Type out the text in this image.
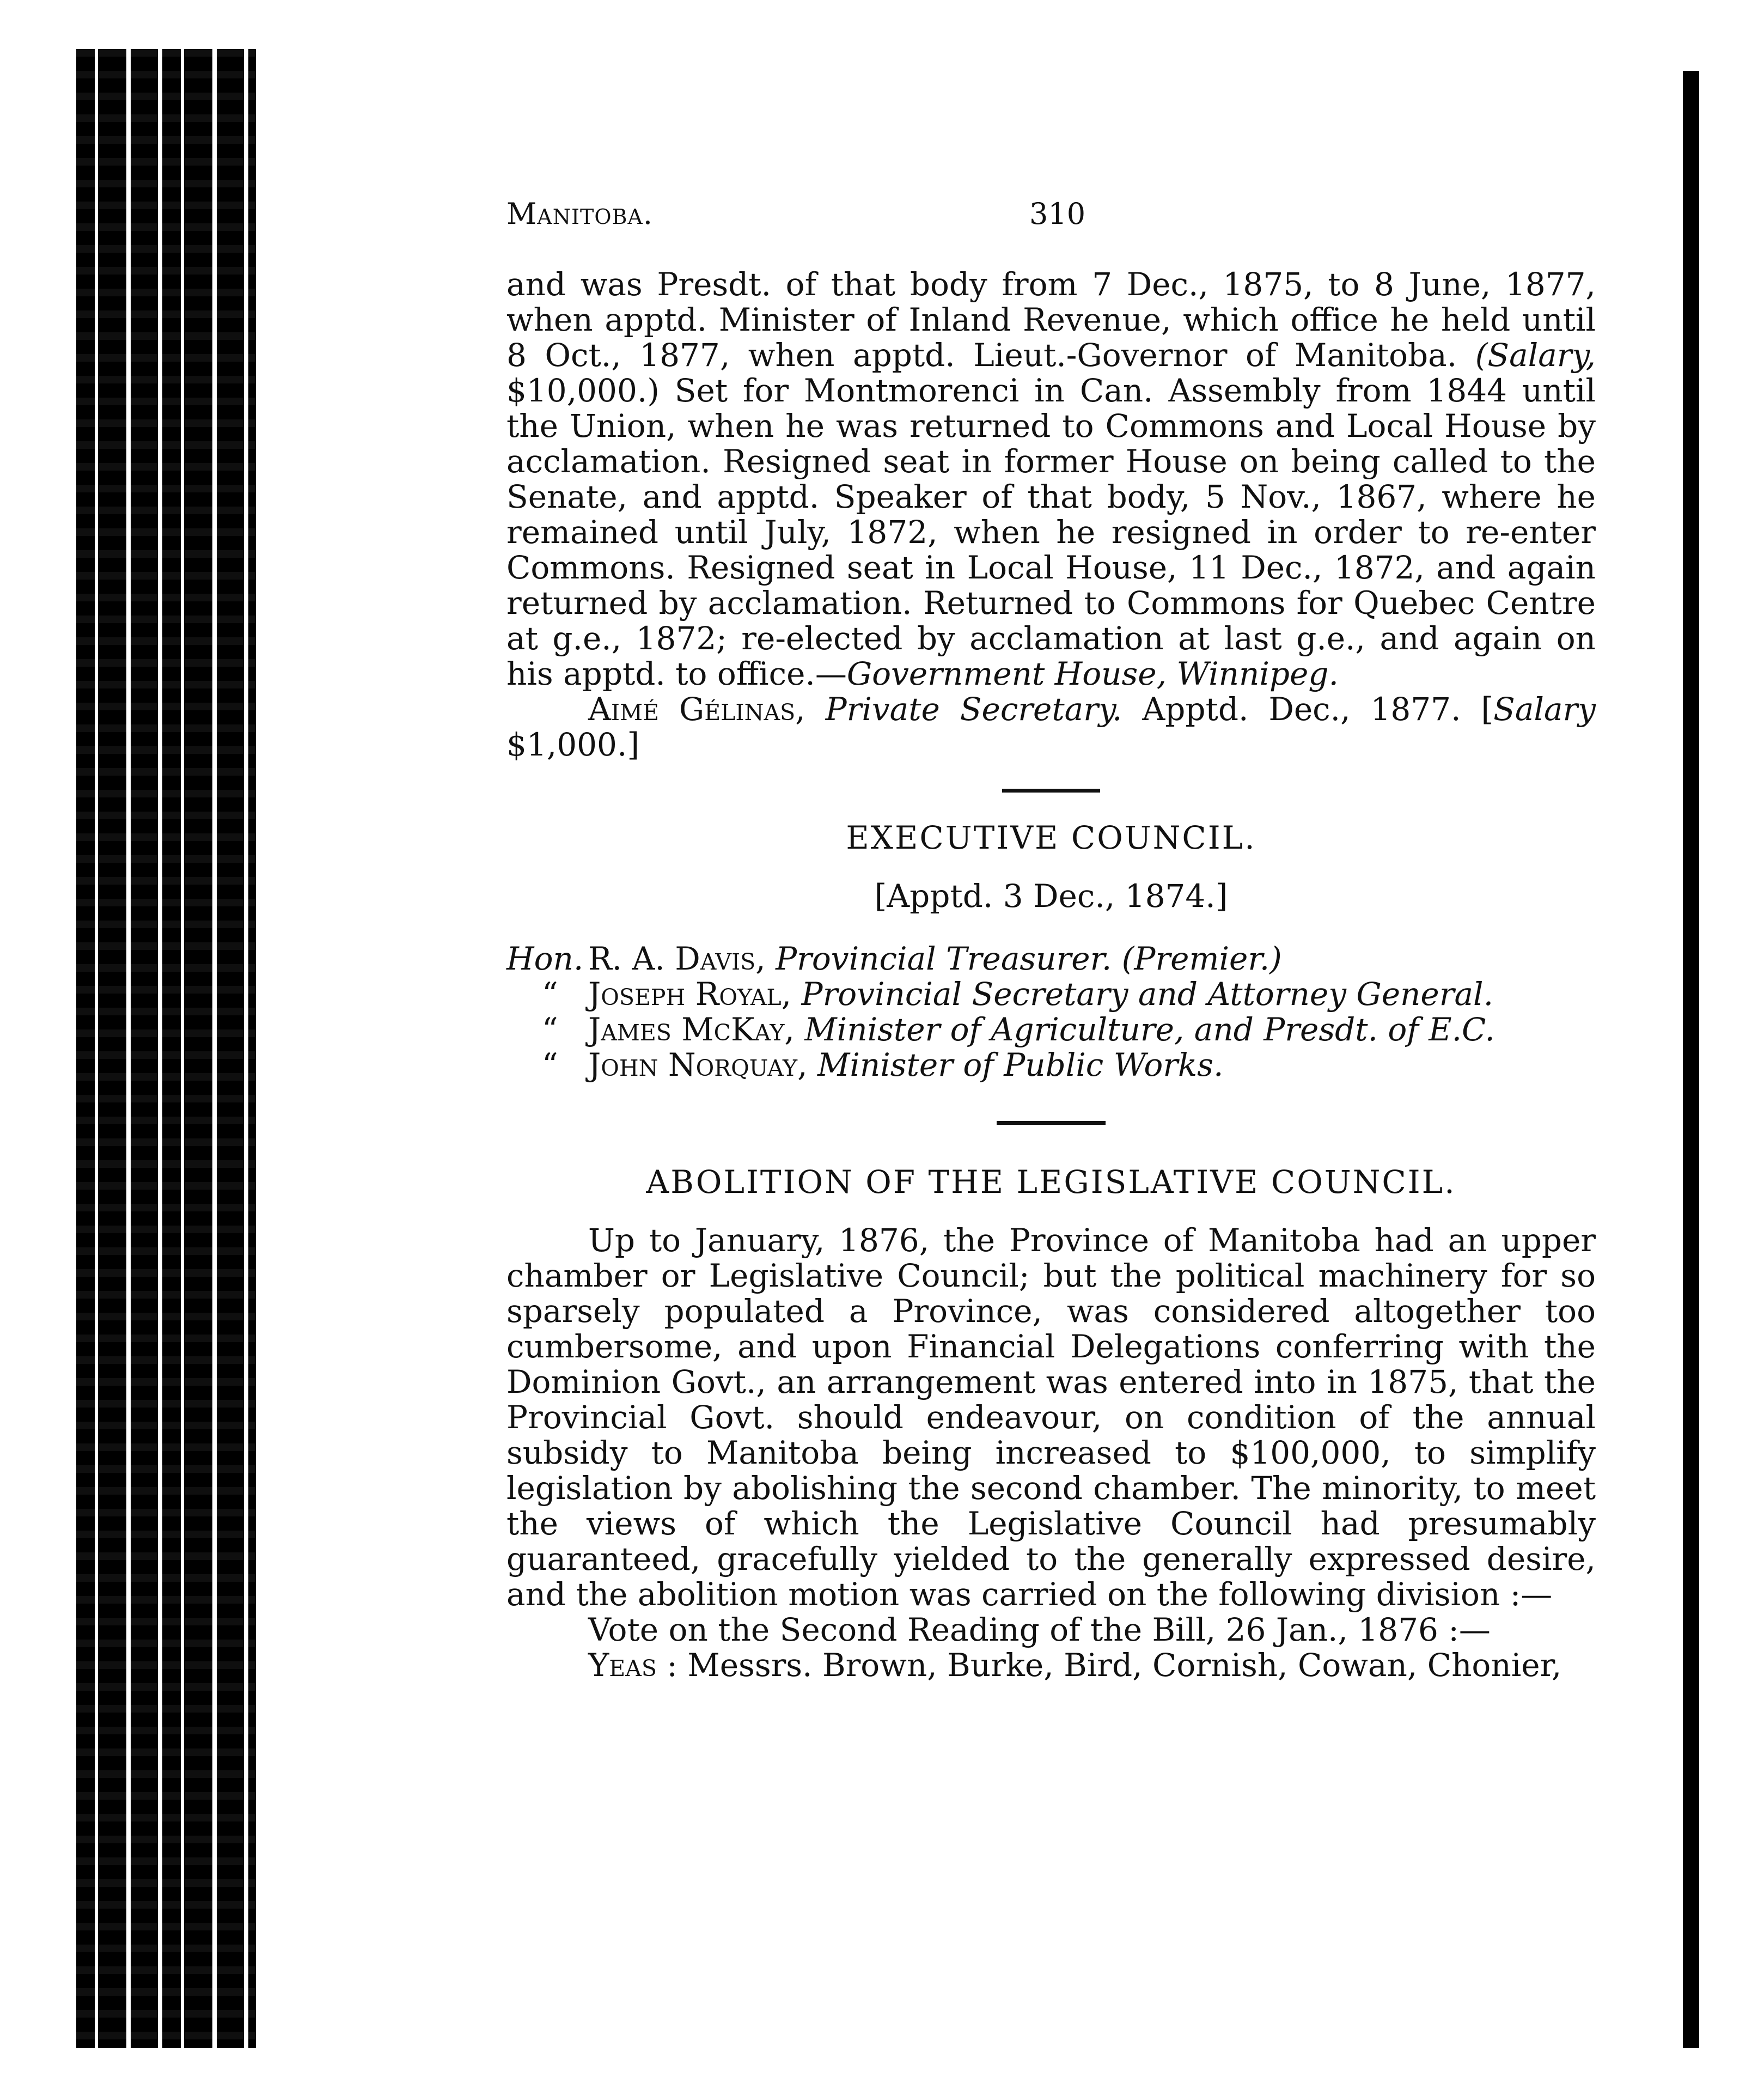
Manitoba.	310

and was Presdt. of that body from 7 Dec., 1875, to 8 June, 1877, when apptd. Minister of Inland Revenue, which office he held until 8 Oct., 1877, when apptd. Lieut.-Governor of Manitoba. (Salary, $10,000.) Set for Montmorenci in Can. Assembly from 1844 until the Union, when he was returned to Commons and Local House by acclamation. Resigned seat in former House on being called to the Senate, and apptd. Speaker of that body, 5 Nov., 1867, where he remained until July, 1872, when he resigned in order to re-enter Commons. Resigned seat in Local House, 11 Dec., 1872, and again returned by acclamation. Returned to Commons for Quebec Centre at g.e., 1872; re-elected by acclamation at last g.e., and again on his apptd. to office.—Government House, Winnipeg.

Aimé Gélinas, Private Secretary. Apptd. Dec., 1877. [Salary $1,000.]

EXECUTIVE COUNCIL.
[Apptd. 3 Dec., 1874.]
Hon. R. A. Davis, Provincial Treasurer. (Premier.)
“ Joseph Royal, Provincial Secretary and Attorney General.
“ James McKay, Minister of Agriculture, and Presdt. of E.C.
“ John Norquay, Minister of Public Works.
ABOLITION OF THE LEGISLATIVE COUNCIL.

Up to January, 1876, the Province of Manitoba had an upper chamber or Legislative Council; but the political machinery for so sparsely populated a Province, was considered altogether too cumbersome, and upon Financial Delegations conferring with the Dominion Govt., an arrangement was entered into in 1875, that the Provincial Govt. should endeavour, on condition of the annual subsidy to Manitoba being increased to $100,000, to simplify legislation by abolishing the second chamber. The minority, to meet the views of which the Legislative Council had presumably guaranteed, gracefully yielded to the generally expressed desire, and the abolition motion was carried on the following division :—

Vote on the Second Reading of the Bill, 26 Jan., 1876 :—

Yeas : Messrs. Brown, Burke, Bird, Cornish, Cowan, Chonier,
